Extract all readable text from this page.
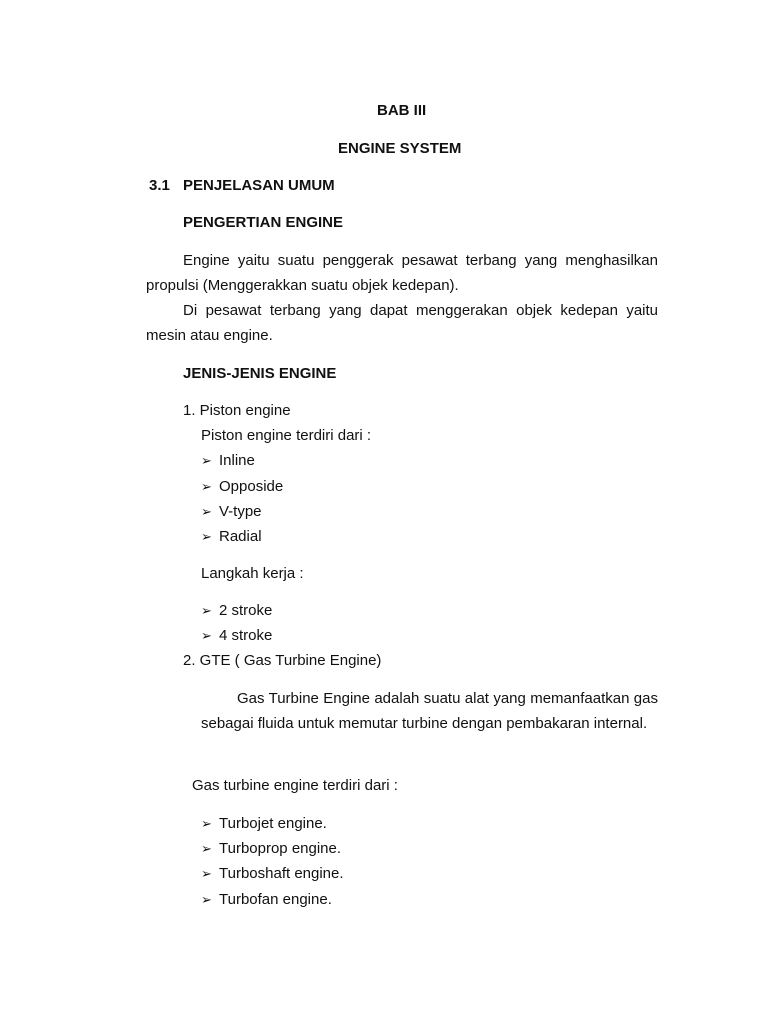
BAB III
ENGINE SYSTEM
3.1 PENJELASAN UMUM
PENGERTIAN ENGINE

Engine yaitu suatu penggerak pesawat terbang yang menghasilkan propulsi (Menggerakkan suatu objek kedepan).

Di pesawat terbang yang dapat menggerakan objek kedepan yaitu mesin atau engine.

JENIS-JENIS ENGINE
1. Piston engine
Piston engine terdiri dari :
➢ Inline
➢ Opposide
➢ V-type
➢ Radial
Langkah kerja :
➢ 2 stroke
➢ 4 stroke
2. GTE ( Gas Turbine Engine)
Gas Turbine Engine adalah suatu alat yang memanfaatkan gas sebagai fluida untuk memutar turbine dengan pembakaran internal.
Gas turbine engine terdiri dari :
➢ Turbojet engine.
➢ Turboprop engine.
➢ Turboshaft engine.
➢ Turbofan engine.
